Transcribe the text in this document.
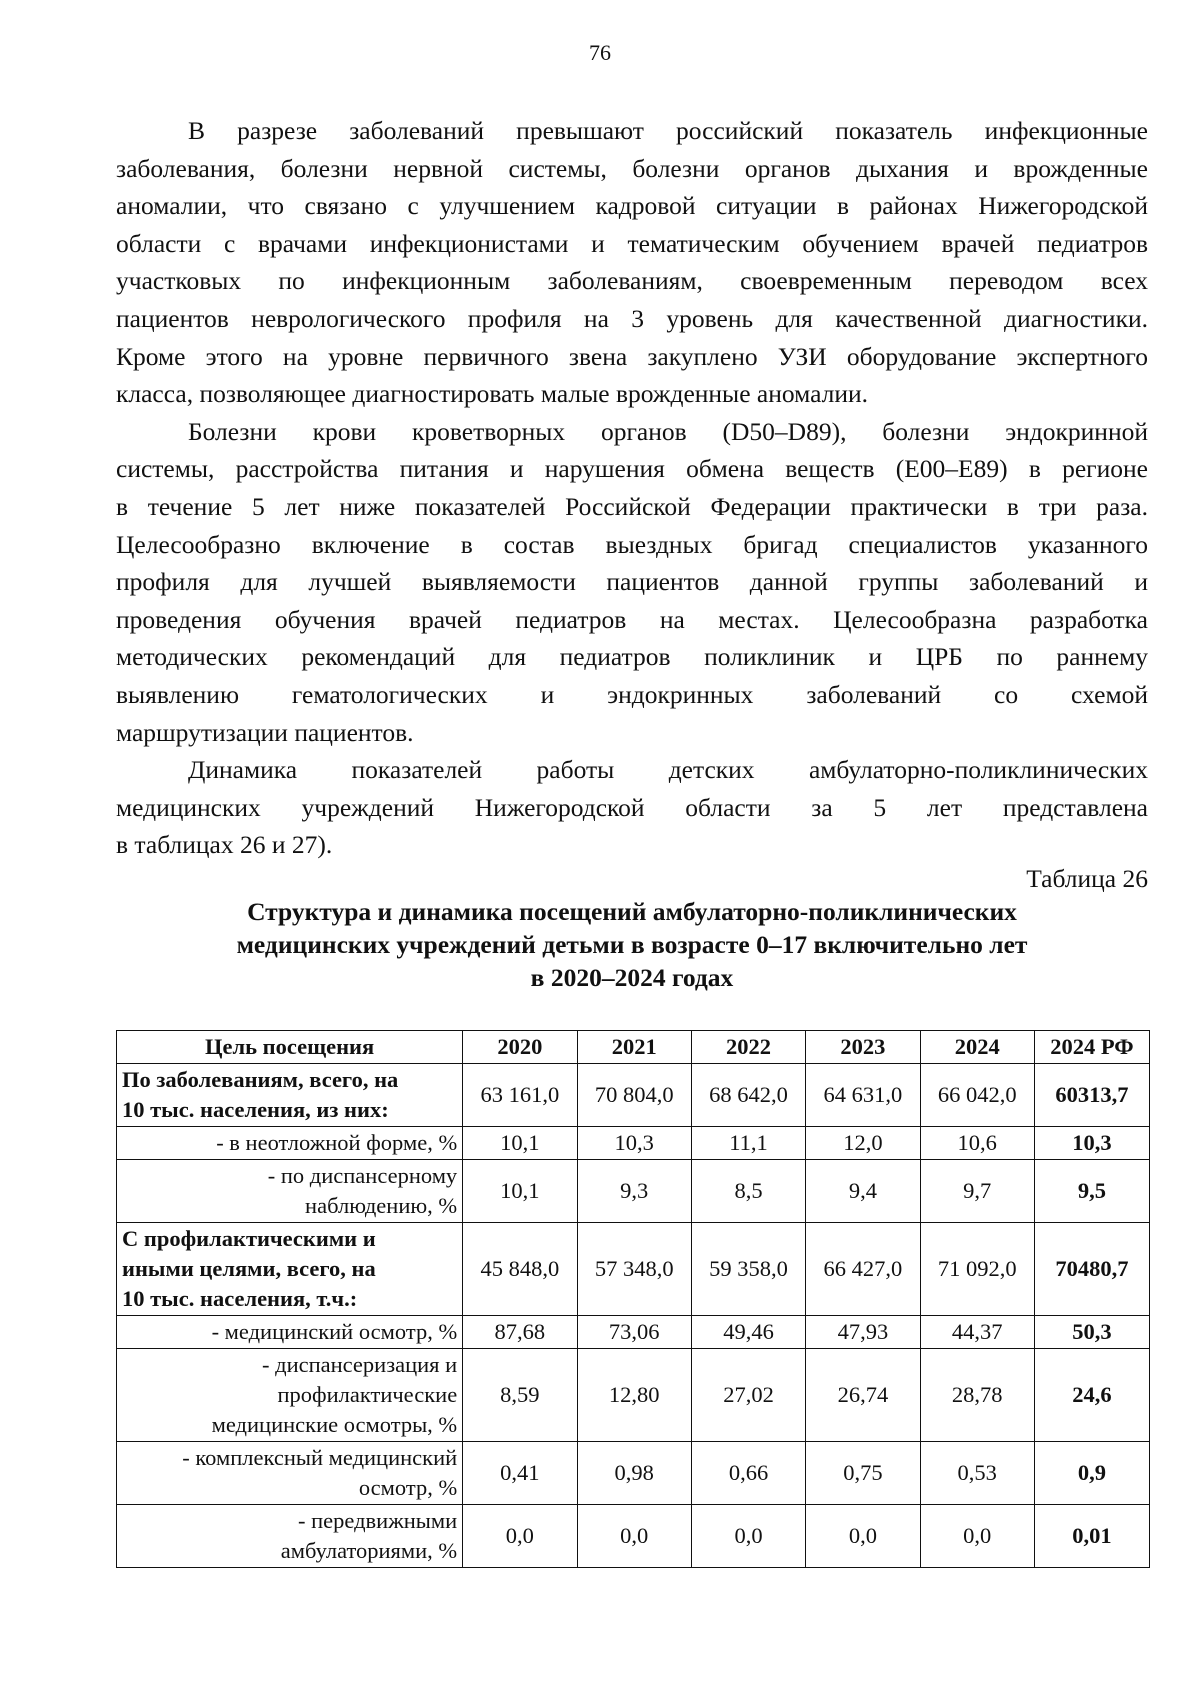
76

В разрезе заболеваний превышают российский показатель инфекционные
заболевания, болезни нервной системы, болезни органов дыхания и врожденные
аномалии, что связано с улучшением кадровой ситуации в районах Нижегородской
области с врачами инфекционистами и тематическим обучением врачей педиатров
участковых по инфекционным заболеваниям, своевременным переводом всех
пациентов неврологического профиля на 3 уровень для качественной диагностики.
Кроме этого на уровне первичного звена закуплено УЗИ оборудование экспертного
класса, позволяющее диагностировать малые врожденные аномалии.

Болезни крови кроветворных органов (D50–D89), болезни эндокринной
системы, расстройства питания и нарушения обмена веществ (Е00–Е89) в регионе
в течение 5 лет ниже показателей Российской Федерации практически в три раза.
Целесообразно включение в состав выездных бригад специалистов указанного
профиля для лучшей выявляемости пациентов данной группы заболеваний и
проведения обучения врачей педиатров на местах. Целесообразна разработка
методических рекомендаций для педиатров поликлиник и ЦРБ по раннему
выявлению гематологических и эндокринных заболеваний со схемой
маршрутизации пациентов.

Динамика показателей работы детских амбулаторно-поликлинических
медицинских учреждений Нижегородской области за 5 лет представлена
в таблицах 26 и 27).

Таблица 26
Структура и динамика посещений амбулаторно-поликлинических
медицинских учреждений детьми в возрасте 0–17 включительно лет
в 2020–2024 годах
Цель посещения	2020	2021	2022	2023	2024	2024 РФ

По заболеваниям, всего, на
10 тыс. населения, из них:	63 161,0	70 804,0	68 642,0	64 631,0	66 042,0	60313,7

- в неотложной форме, %	10,1	10,3	11,1	12,0	10,6	10,3

- по диспансерному
наблюдению, %	10,1	9,3	8,5	9,4	9,7	9,5

С профилактическими и
иными целями, всего, на
10 тыс. населения, т.ч.:	45 848,0	57 348,0	59 358,0	66 427,0	71 092,0	70480,7

- медицинский осмотр, %	87,68	73,06	49,46	47,93	44,37	50,3

- диспансеризация и
профилактические
медицинские осмотры, %	8,59	12,80	27,02	26,74	28,78	24,6

- комплексный медицинский
осмотр, %	0,41	0,98	0,66	0,75	0,53	0,9

- передвижными
амбулаториями, %	0,0	0,0	0,0	0,0	0,0	0,01
